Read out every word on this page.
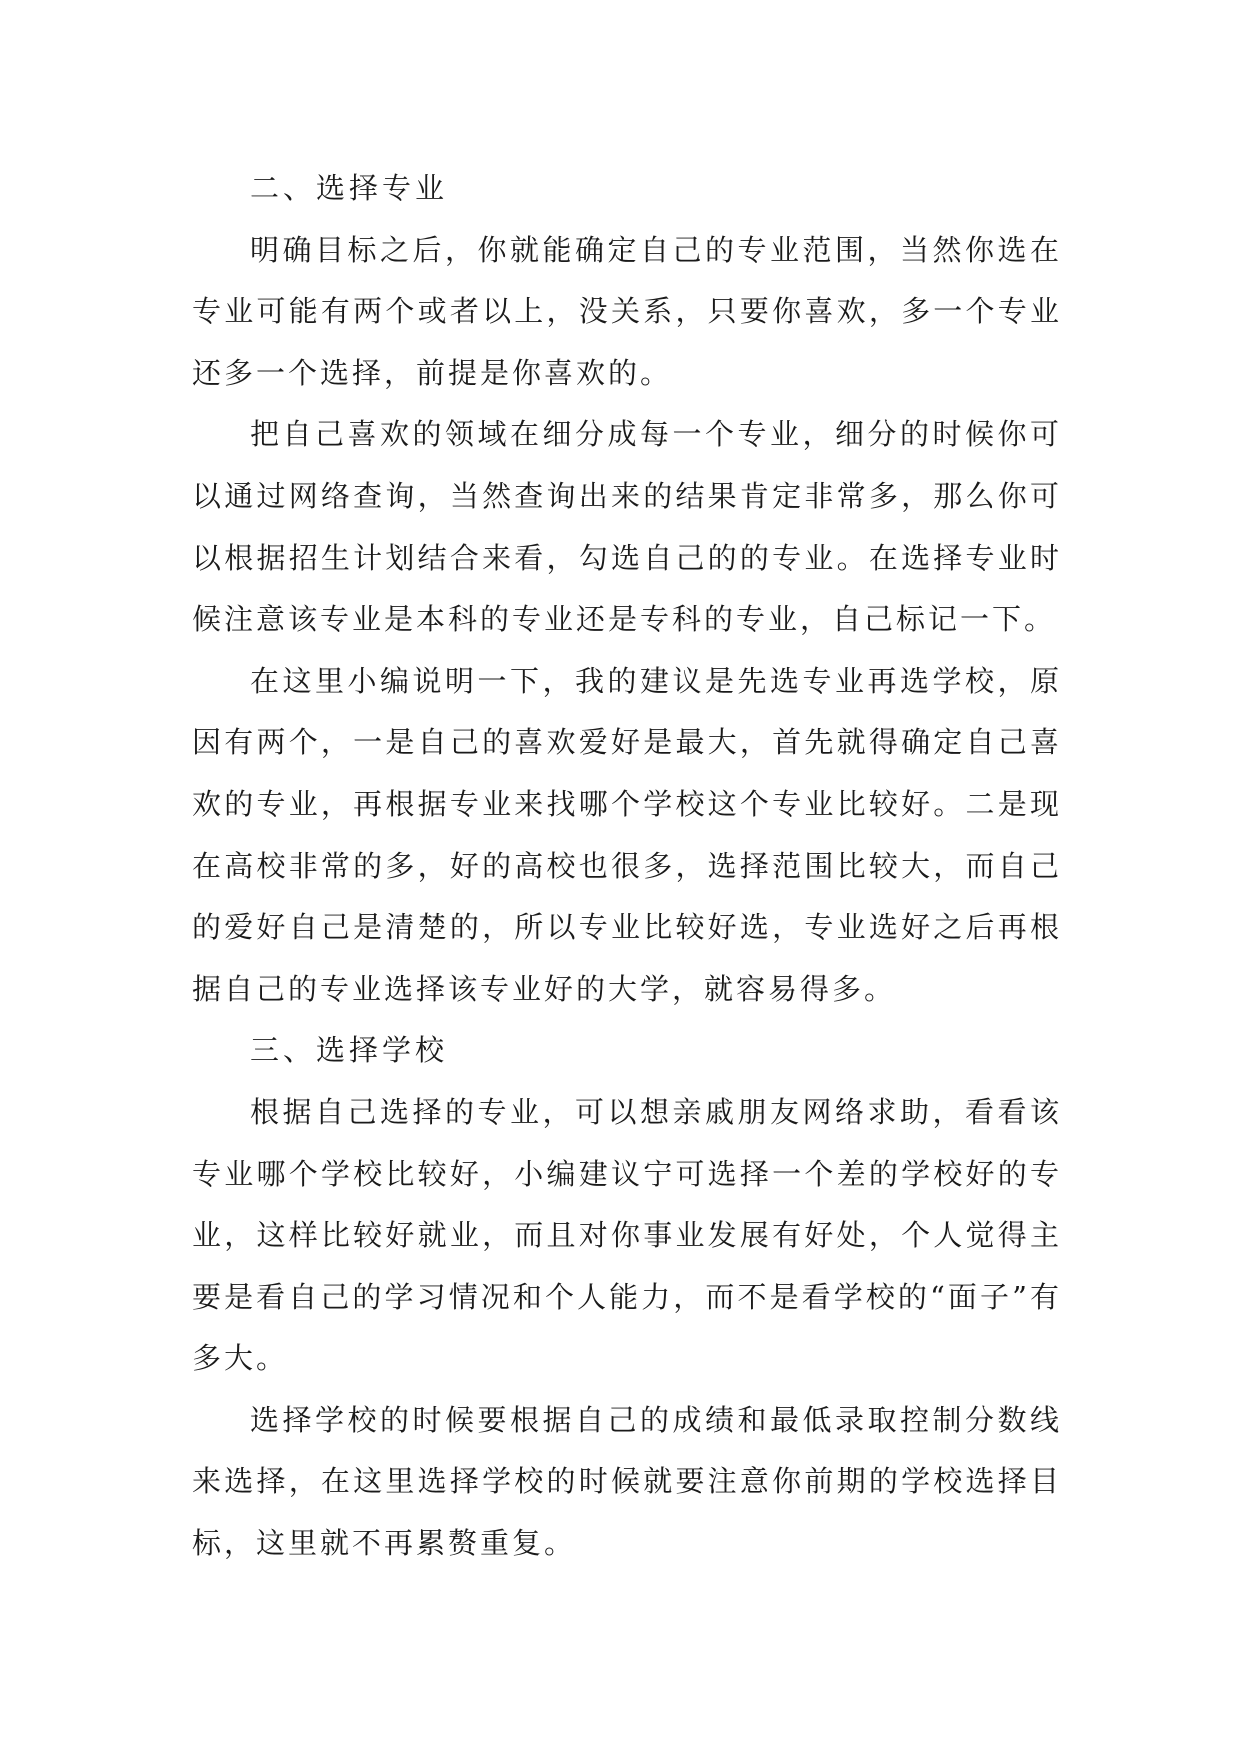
二、选择专业

明确目标之后，你就能确定自己的专业范围，当然你选在专业可能有两个或者以上，没关系，只要你喜欢，多一个专业还多一个选择，前提是你喜欢的。

把自己喜欢的领域在细分成每一个专业，细分的时候你可以通过网络查询，当然查询出来的结果肯定非常多，那么你可以根据招生计划结合来看，勾选自己的的专业。在选择专业时候注意该专业是本科的专业还是专科的专业，自己标记一下。

在这里小编说明一下，我的建议是先选专业再选学校，原因有两个，一是自己的喜欢爱好是最大，首先就得确定自己喜欢的专业，再根据专业来找哪个学校这个专业比较好。二是现在高校非常的多，好的高校也很多，选择范围比较大，而自己的爱好自己是清楚的，所以专业比较好选，专业选好之后再根据自己的专业选择该专业好的大学，就容易得多。

三、选择学校

根据自己选择的专业，可以想亲戚朋友网络求助，看看该专业哪个学校比较好，小编建议宁可选择一个差的学校好的专业，这样比较好就业，而且对你事业发展有好处，个人觉得主要是看自己的学习情况和个人能力，而不是看学校的“面子”有多大。

选择学校的时候要根据自己的成绩和最低录取控制分数线来选择，在这里选择学校的时候就要注意你前期的学校选择目标，这里就不再累赘重复。
